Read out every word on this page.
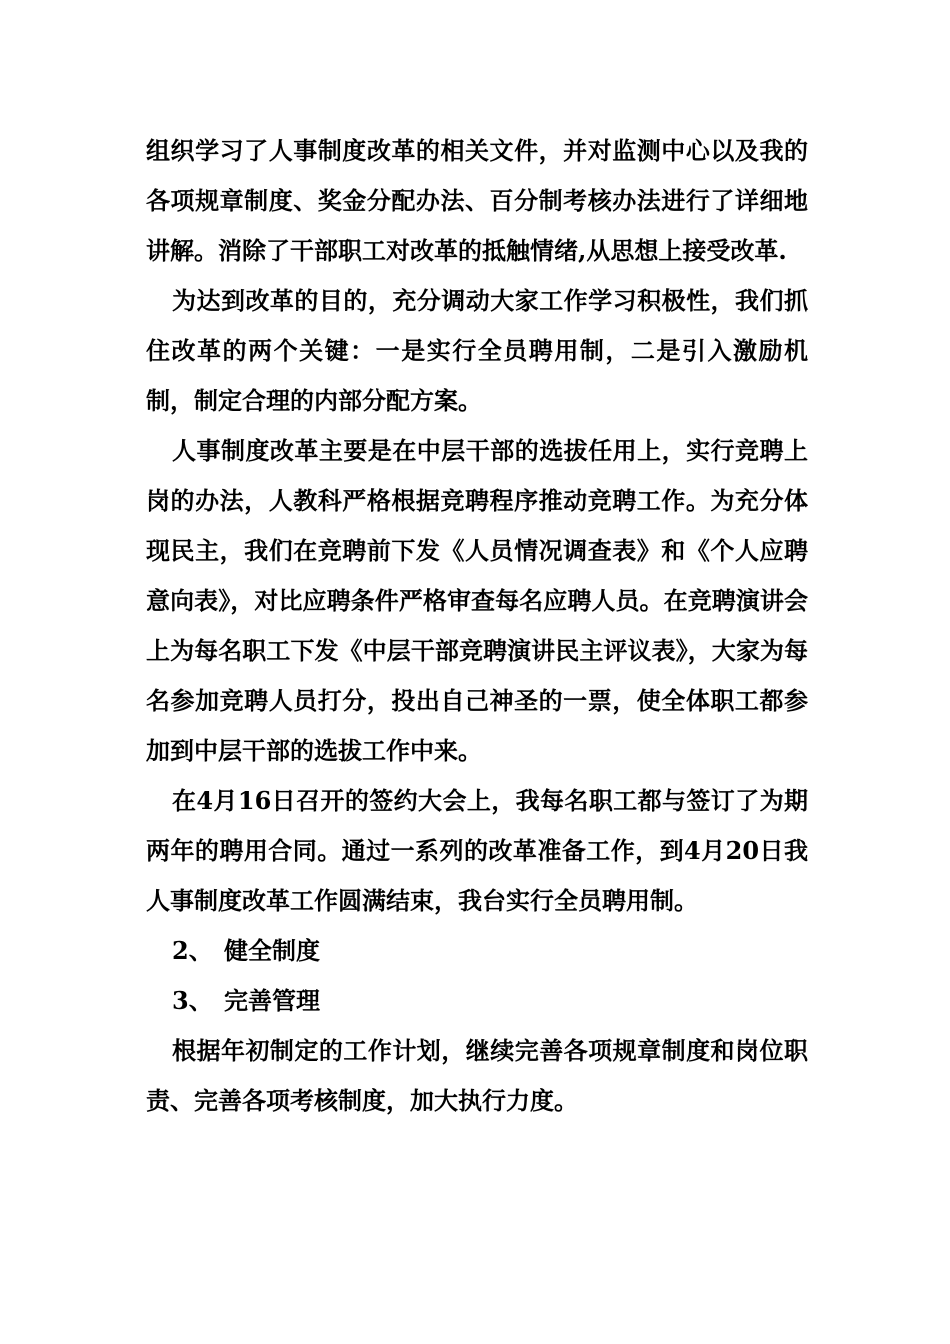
组织学习了人事制度改革的相关文件，并对监测中心以及我的各项规章制度、奖金分配办法、百分制考核办法进行了详细地讲解。消除了干部职工对改革的抵触情绪,从思想上接受改革.

为达到改革的目的，充分调动大家工作学习积极性，我们抓住改革的两个关键：一是实行全员聘用制，二是引入激励机制，制定合理的内部分配方案。

人事制度改革主要是在中层干部的选拔任用上，实行竞聘上岗的办法，人教科严格根据竞聘程序推动竞聘工作。为充分体现民主，我们在竞聘前下发《人员情况调查表》和《个人应聘意向表》，对比应聘条件严格审查每名应聘人员。在竞聘演讲会上为每名职工下发《中层干部竞聘演讲民主评议表》，大家为每名参加竞聘人员打分，投出自己神圣的一票，使全体职工都参加到中层干部的选拔工作中来。

在4月16日召开的签约大会上，我每名职工都与签订了为期两年的聘用合同。通过一系列的改革准备工作，到4月20日我人事制度改革工作圆满结束，我台实行全员聘用制。

2、 健全制度

3、 完善管理

根据年初制定的工作计划，继续完善各项规章制度和岗位职责、完善各项考核制度，加大执行力度。
